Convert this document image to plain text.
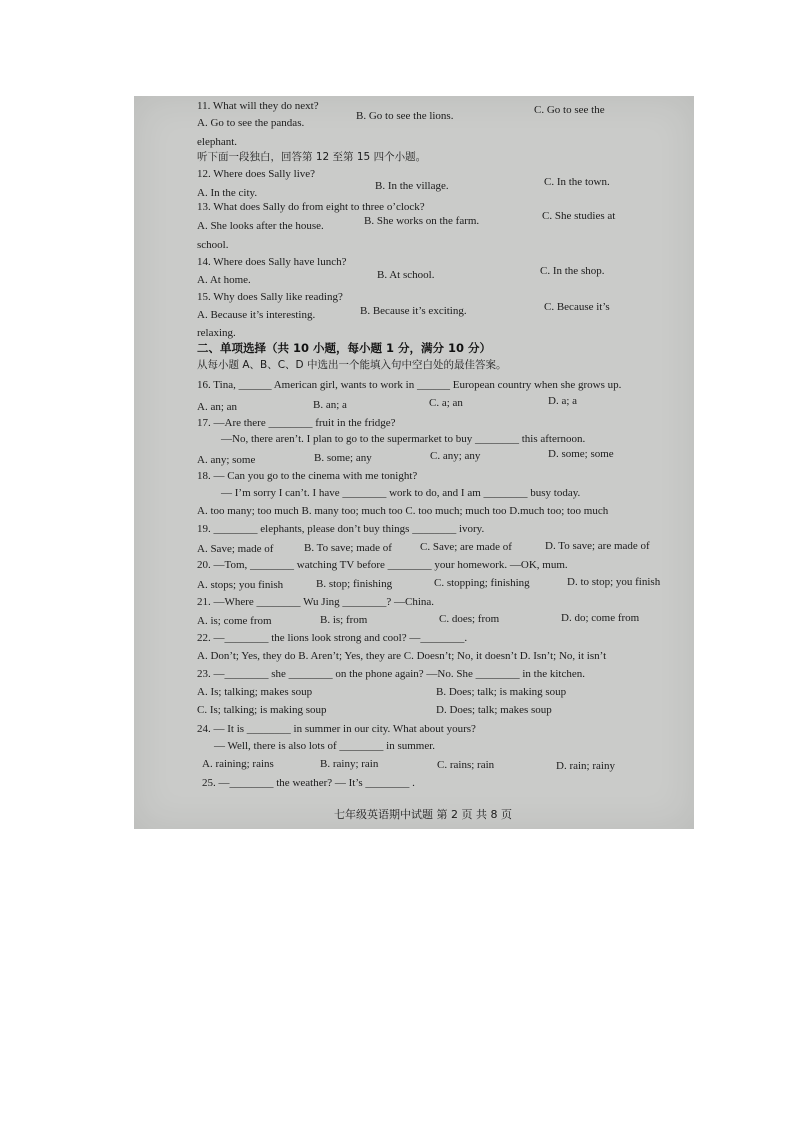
11. What will they do next?
A. Go to see the pandas.
B. Go to see the lions.	C. Go to see the
elephant.
听下面一段独白，回答第 12 至第 15 四个小题。
12. Where does Sally live?
A. In the city.
B. In the village.	C. In the town.
13. What does Sally do from eight to three o’clock?
A. She looks after the house.	B. She works on the farm.	C. She studies at
school.
14. Where does Sally have lunch?
A. At home.	B. At school.	C. In the shop.
15. Why does Sally like reading?
A. Because it’s interesting.	B. Because it’s exciting.	C. Because it’s
relaxing.
二、单项选择（共 10 小题，每小题 1 分，满分 10 分）
从每小题 A、B、C、D 中选出一个能填入句中空白处的最佳答案。
16. Tina, ______ American girl, wants to work in ______ European country when she grows up.
A. an; an	B. an; a	C. a; an	D. a; a
17. —Are there ________ fruit in the fridge?
—No, there aren’t. I plan to go to the supermarket to buy ________ this afternoon.
A. any; some	B. some; any	C. any; any	D. some; some
18. — Can you go to the cinema with me tonight?
— I’m sorry I can’t. I have ________ work to do, and I am ________ busy today.
A. too many; too much B. many too; much too C. too much; much too D.much too; too much
19. ________ elephants, please don’t buy things ________ ivory.
A. Save; made of	B. To save; made of	C. Save; are made of	D. To save; are made of
20. —Tom, ________ watching TV before ________ your homework. —OK, mum.
A. stops; you finish	B. stop; finishing	C. stopping; finishing	D. to stop; you finish
21. —Where ________ Wu Jing ________? —China.
A. is; come from	B. is; from	C. does; from	D. do; come from
22. —________ the lions look strong and cool? —________.
A. Don’t; Yes, they do B. Aren’t; Yes, they are C. Doesn’t; No, it doesn’t D. Isn’t; No, it isn’t
23. —________ she ________ on the phone again? —No. She ________ in the kitchen.
A. Is; talking; makes soup	B. Does; talk; is making soup
C. Is; talking; is making soup	D. Does; talk; makes soup
24. — It is ________ in summer in our city. What about yours?
— Well, there is also lots of ________ in summer.
A. raining; rains	B. rainy; rain	C. rains; rain	D. rain; rainy
25. —________ the weather? — It’s ________ .
七年级英语期中试题 第 2 页 共 8 页
